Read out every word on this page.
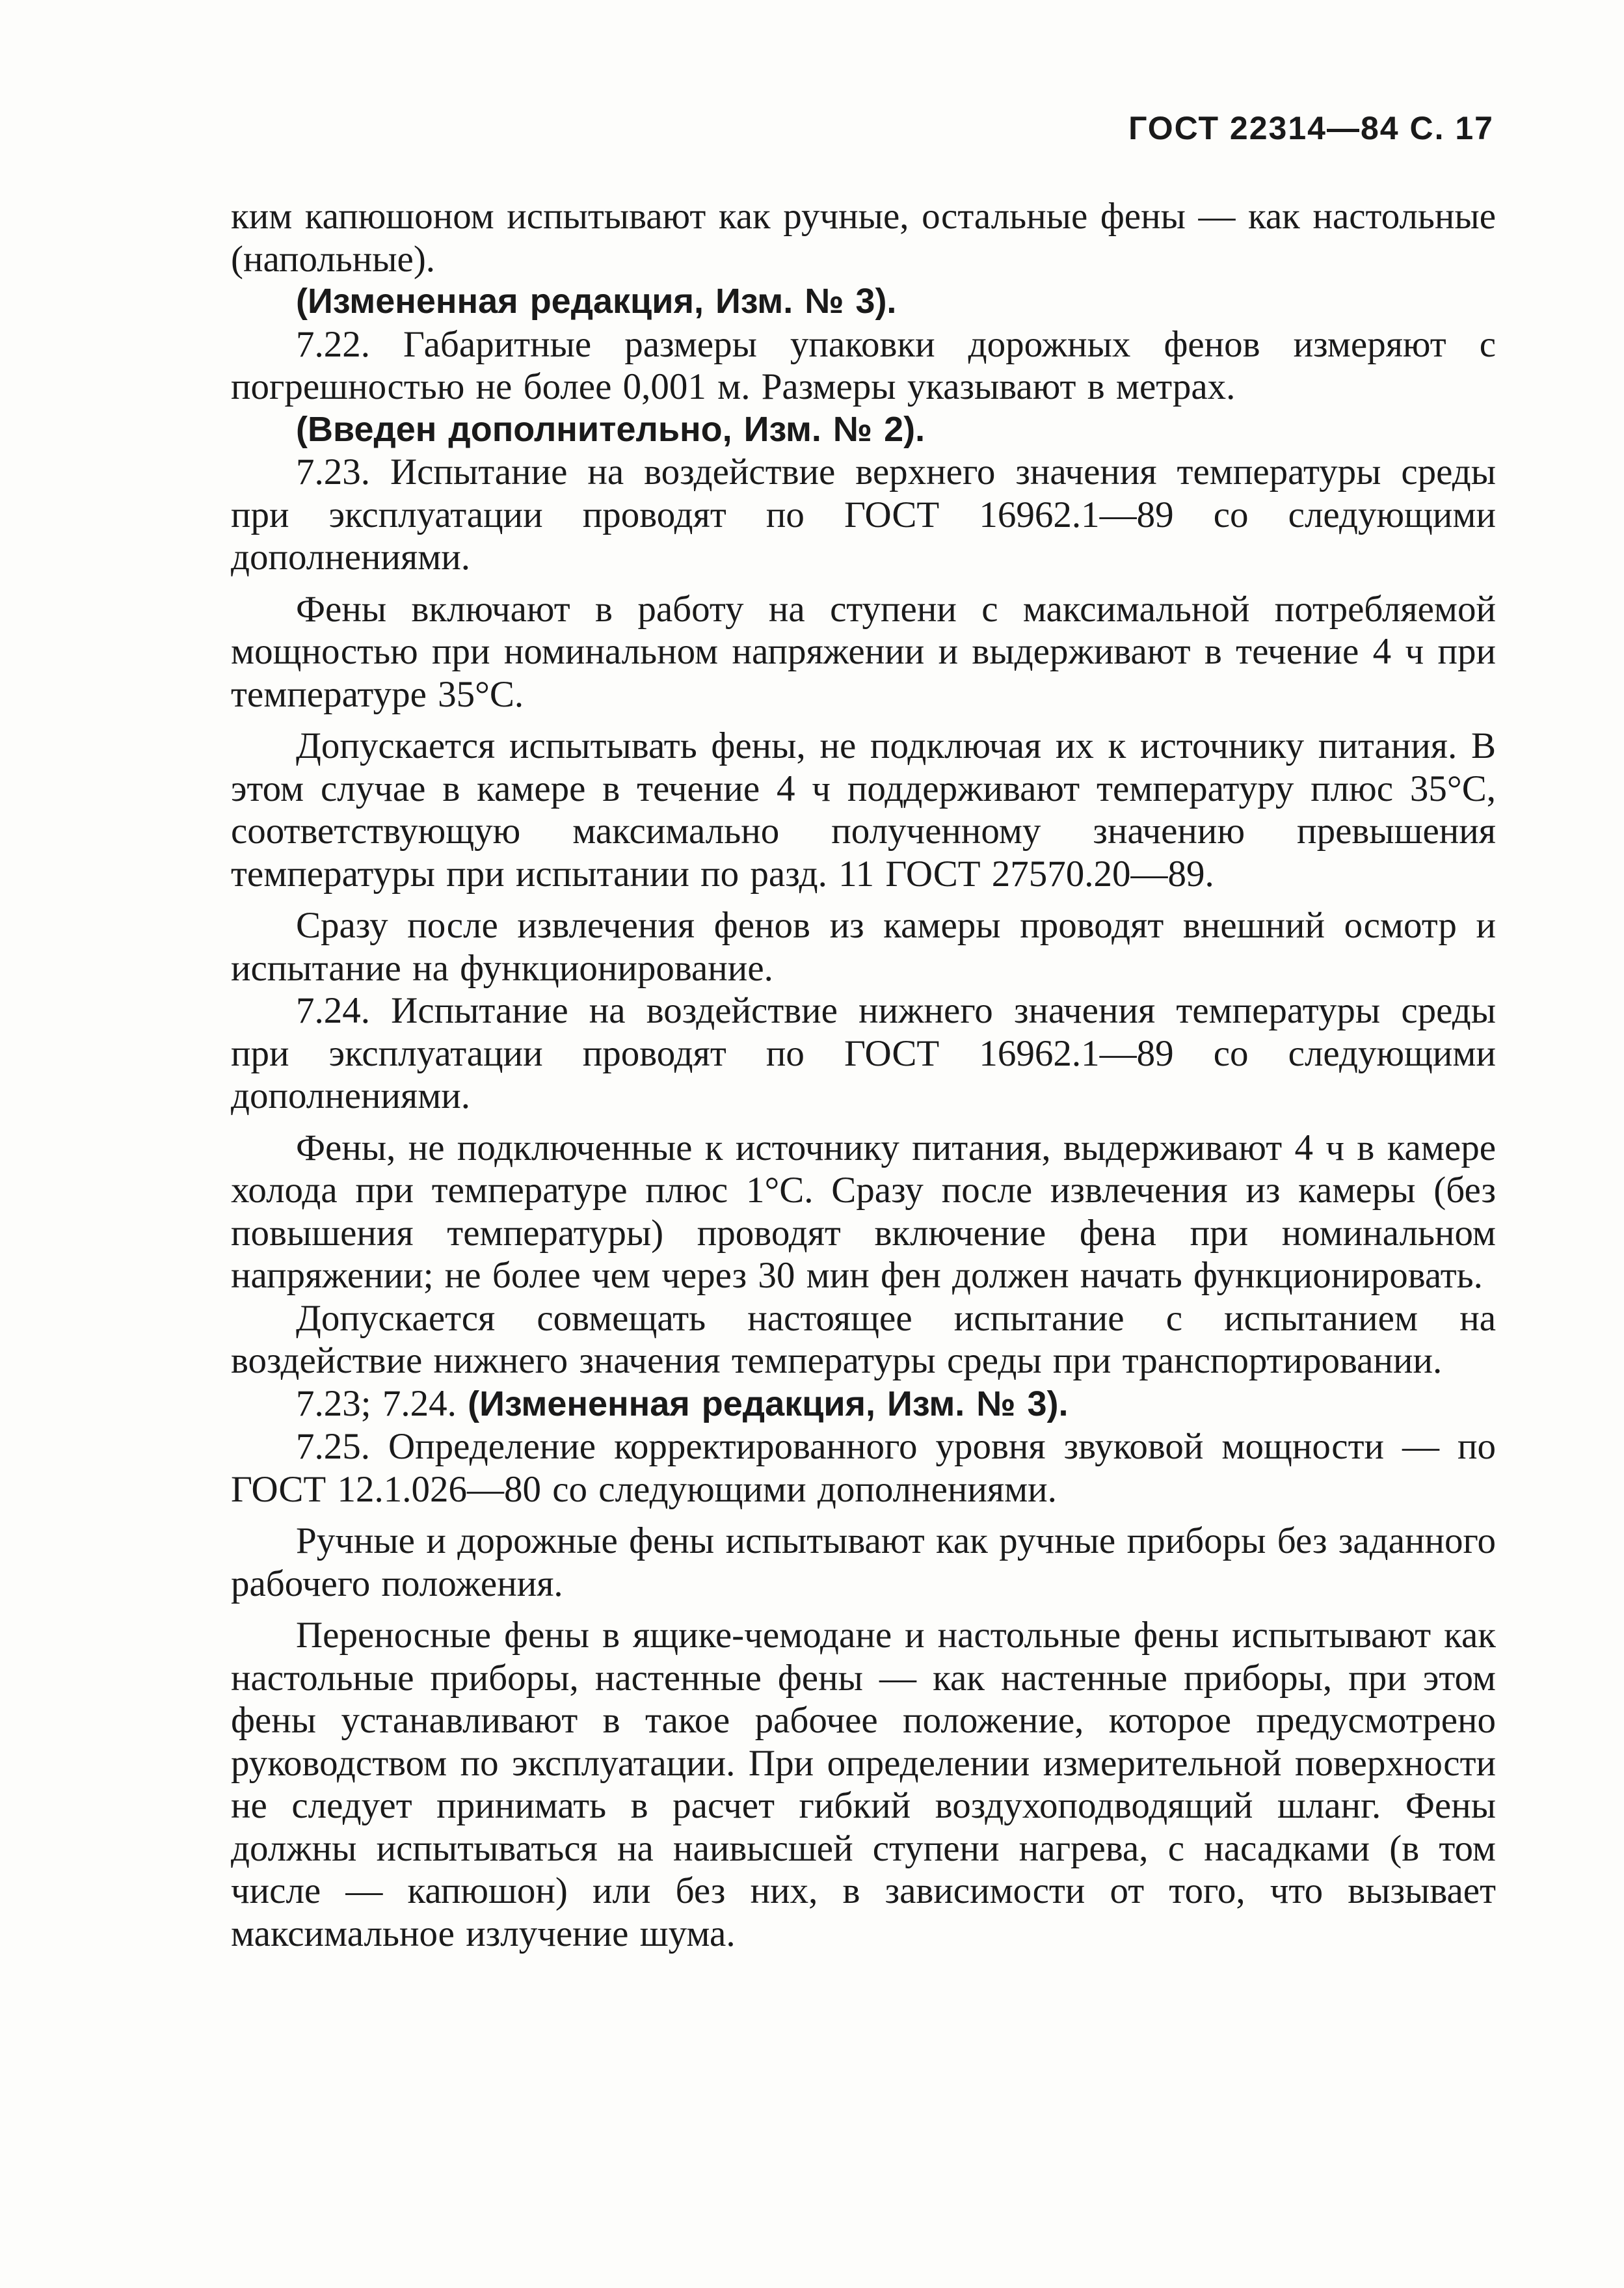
ГОСТ 22314—84 С. 17

ким капюшоном испытывают как ручные, остальные фены — как настольные (напольные).

(Измененная редакция, Изм. № 3).

7.22. Габаритные размеры упаковки дорожных фенов измеряют с погрешностью не более 0,001 м. Размеры указывают в метрах.

(Введен дополнительно, Изм. № 2).

7.23. Испытание на воздействие верхнего значения температуры среды при эксплуатации проводят по ГОСТ 16962.1—89 со следующими дополнениями.

Фены включают в работу на ступени с максимальной потребляемой мощностью при номинальном напряжении и выдерживают в течение 4 ч при температуре 35°С.

Допускается испытывать фены, не подключая их к источнику питания. В этом случае в камере в течение 4 ч поддерживают температуру плюс 35°С, соответствующую максимально полученному значению превышения температуры при испытании по разд. 11 ГОСТ 27570.20—89.

Сразу после извлечения фенов из камеры проводят внешний осмотр и испытание на функционирование.

7.24. Испытание на воздействие нижнего значения температуры среды при эксплуатации проводят по ГОСТ 16962.1—89 со следующими дополнениями.

Фены, не подключенные к источнику питания, выдерживают 4 ч в камере холода при температуре плюс 1°С. Сразу после извлечения из камеры (без повышения температуры) проводят включение фена при номинальном напряжении; не более чем через 30 мин фен должен начать функционировать.

Допускается совмещать настоящее испытание с испытанием на воздействие нижнего значения температуры среды при транспортировании.

7.23; 7.24. (Измененная редакция, Изм. № 3).

7.25. Определение корректированного уровня звуковой мощности — по ГОСТ 12.1.026—80 со следующими дополнениями.

Ручные и дорожные фены испытывают как ручные приборы без заданного рабочего положения.

Переносные фены в ящике-чемодане и настольные фены испытывают как настольные приборы, настенные фены — как настенные приборы, при этом фены устанавливают в такое рабочее положение, которое предусмотрено руководством по эксплуатации. При определении измерительной поверхности не следует принимать в расчет гибкий воздухоподводящий шланг. Фены должны испытываться на наивысшей ступени нагрева, с насадками (в том числе — капюшон) или без них, в зависимости от того, что вызывает максимальное излучение шума.
